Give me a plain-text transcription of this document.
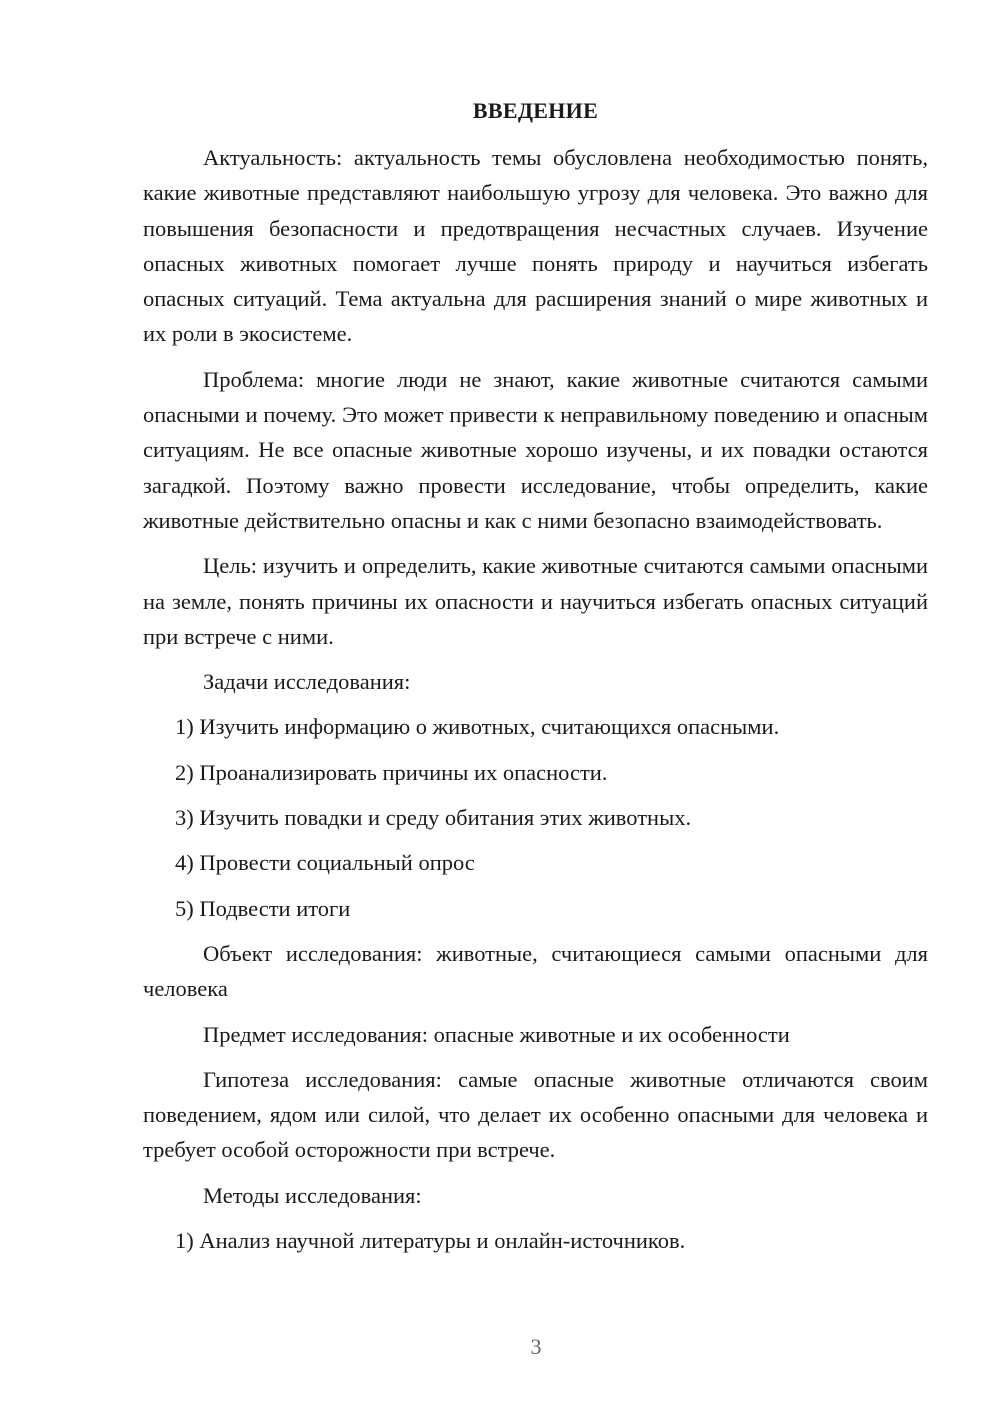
ВВЕДЕНИЕ

Актуальность: актуальность темы обусловлена необходимостью понять, какие животные представляют наибольшую угрозу для человека. Это важно для повышения безопасности и предотвращения несчастных случаев. Изучение опасных животных помогает лучше понять природу и научиться избегать опасных ситуаций. Тема актуальна для расширения знаний о мире животных и их роли в экосистеме.

Проблема: многие люди не знают, какие животные считаются самыми опасными и почему. Это может привести к неправильному поведению и опасным ситуациям. Не все опасные животные хорошо изучены, и их повадки остаются загадкой. Поэтому важно провести исследование, чтобы определить, какие животные действительно опасны и как с ними безопасно взаимодействовать.

Цель: изучить и определить, какие животные считаются самыми опасными на земле, понять причины их опасности и научиться избегать опасных ситуаций при встрече с ними.

Задачи исследования:

1) Изучить информацию о животных, считающихся опасными.

2) Проанализировать причины их опасности.

3) Изучить повадки и среду обитания этих животных.

4) Провести социальный опрос

5) Подвести итоги

Объект исследования: животные, считающиеся самыми опасными для человека

Предмет исследования: опасные животные и их особенности

Гипотеза исследования: самые опасные животные отличаются своим поведением, ядом или силой, что делает их особенно опасными для человека и требует особой осторожности при встрече.

Методы исследования:

1) Анализ научной литературы и онлайн-источников.

3
